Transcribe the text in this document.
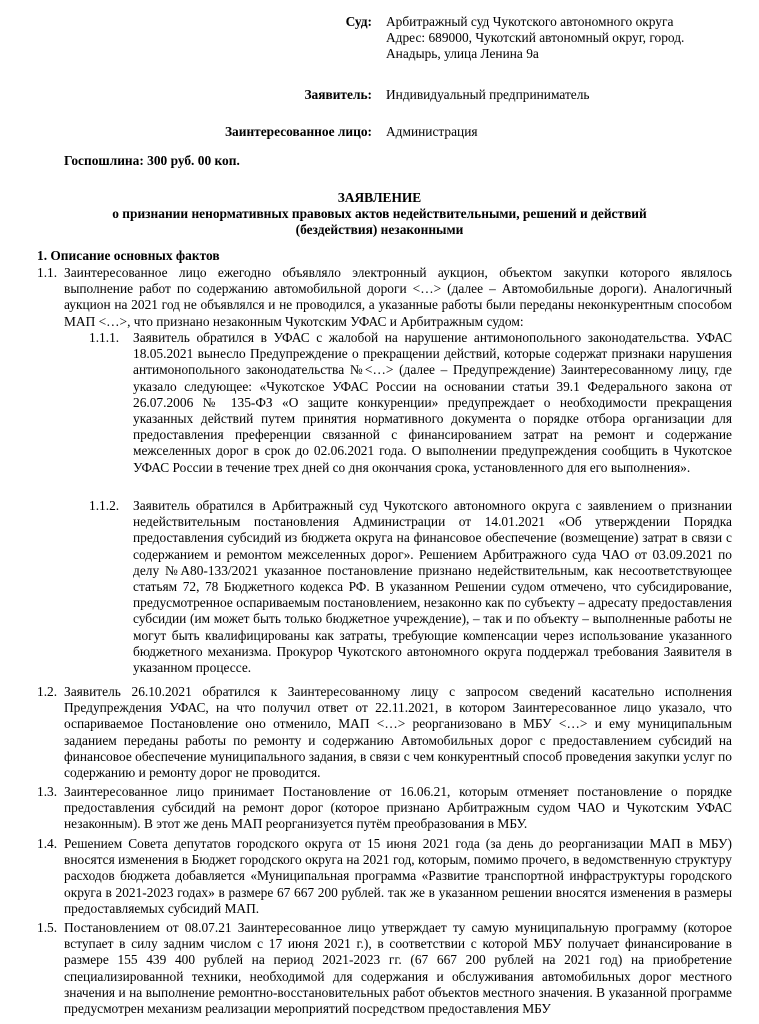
Суд: Арбитражный суд Чукотского автономного округа
Адрес: 689000, Чукотский автономный округ, город.
Анадырь, улица Ленина 9а
Заявитель: Индивидуальный предприниматель
Заинтересованное лицо: Администрация
Госпошлина: 300 руб. 00 коп.
ЗАЯВЛЕНИЕ
о признании ненормативных правовых актов недействительными, решений и действий
(бездействия) незаконными
1. Описание основных фактов
1.1. Заинтересованное лицо ежегодно объявляло электронный аукцион, объектом закупки которого являлось выполнение работ по содержанию автомобильной дороги <…> (далее – Автомобильные дороги). Аналогичный аукцион на 2021 год не объявлялся и не проводился, а указанные работы были переданы неконкурентным способом МАП <…>, что признано незаконным Чукотским УФАС и Арбитражным судом:
1.1.1. Заявитель обратился в УФАС с жалобой на нарушение антимонопольного законодательства. УФАС 18.05.2021 вынесло Предупреждение о прекращении действий, которые содержат признаки нарушения антимонопольного законодательства №<…> (далее – Предупреждение) Заинтересованному лицу, где указало следующее: «Чукотское УФАС России на основании статьи 39.1 Федерального закона от 26.07.2006 № 135-ФЗ «О защите конкуренции» предупреждает о необходимости прекращения указанных действий путем принятия нормативного документа о порядке отбора организации для предоставления преференции связанной с финансированием затрат на ремонт и содержание межселенных дорог в срок до 02.06.2021 года. О выполнении предупреждения сообщить в Чукотское УФАС России в течение трех дней со дня окончания срока, установленного для его выполнения».
1.1.2. Заявитель обратился в Арбитражный суд Чукотского автономного округа с заявлением о признании недействительным постановления Администрации от 14.01.2021 «Об утверждении Порядка предоставления субсидий из бюджета округа на финансовое обеспечение (возмещение) затрат в связи с содержанием и ремонтом межселенных дорог». Решением Арбитражного суда ЧАО от 03.09.2021 по делу №А80-133/2021 указанное постановление признано недействительным, как несоответствующее статьям 72, 78 Бюджетного кодекса РФ. В указанном Решении судом отмечено, что субсидирование, предусмотренное оспариваемым постановлением, незаконно как по субъекту – адресату предоставления субсидии (им может быть только бюджетное учреждение), – так и по объекту – выполненные работы не могут быть квалифицированы как затраты, требующие компенсации через использование указанного бюджетного механизма. Прокурор Чукотского автономного округа поддержал требования Заявителя в указанном процессе.
1.2. Заявитель 26.10.2021 обратился к Заинтересованному лицу с запросом сведений касательно исполнения Предупреждения УФАС, на что получил ответ от 22.11.2021, в котором Заинтересованное лицо указало, что оспариваемое Постановление оно отменило, МАП <…> реорганизовано в МБУ <…> и ему муниципальным заданием переданы работы по ремонту и содержанию Автомобильных дорог с предоставлением субсидий на финансовое обеспечение муниципального задания, в связи с чем конкурентный способ проведения закупки услуг по содержанию и ремонту дорог не проводится.
1.3. Заинтересованное лицо принимает Постановление от 16.06.21, которым отменяет постановление о порядке предоставления субсидий на ремонт дорог (которое признано Арбитражным судом ЧАО и Чукотским УФАС незаконным). В этот же день МАП реорганизуется путём преобразования в МБУ.
1.4. Решением Совета депутатов городского округа от 15 июня 2021 года (за день до реорганизации МАП в МБУ) вносятся изменения в Бюджет городского округа на 2021 год, которым, помимо прочего, в ведомственную структуру расходов бюджета добавляется «Муниципальная программа «Развитие транспортной инфраструктуры городского округа в 2021-2023 годах» в размере 67 667 200 рублей. так же в указанном решении вносятся изменения в размеры предоставляемых субсидий МАП.
1.5. Постановлением от 08.07.21 Заинтересованное лицо утверждает ту самую муниципальную программу (которое вступает в силу задним числом с 17 июня 2021 г.), в соответствии с которой МБУ получает финансирование в размере 155 439 400 рублей на период 2021-2023 гг. (67 667 200 рублей на 2021 год) на приобретение специализированной техники, необходимой для содержания и обслуживания автомобильных дорог местного значения и на выполнение ремонтно-восстановительных работ объектов местного значения. В указанной программе предусмотрен механизм реализации мероприятий посредством предоставления МБУ
